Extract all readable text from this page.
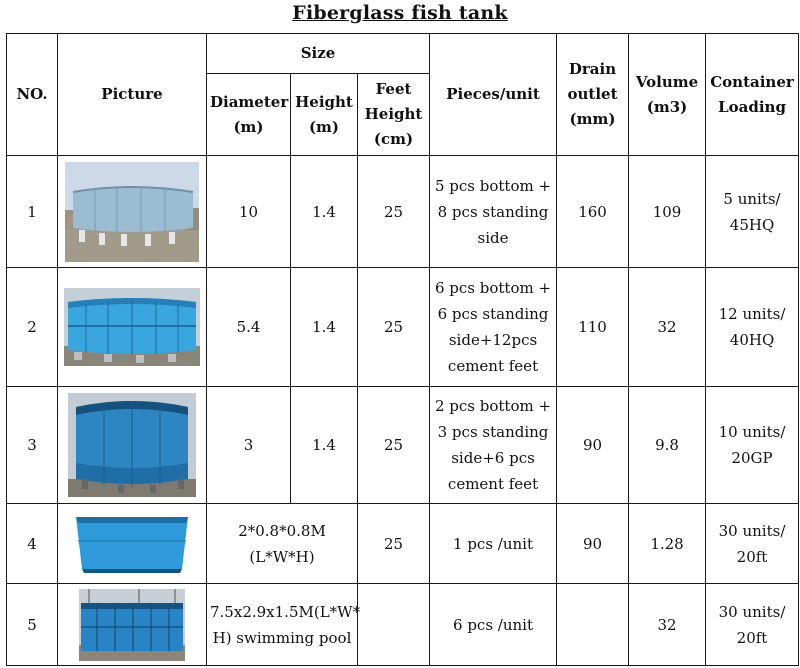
Fiberglass fish tank
NO.	Picture	Size			Pieces/unit	Drain
outlet
(mm)	Volume
(m3)	Container
Loading
		Diameter
(m)	Height
(m)	Feet
Height
(cm)				
1		10	1.4	25	5 pcs bottom +
8 pcs standing
side	160	109	5 units/
45HQ
2		5.4	1.4	25	6 pcs bottom +
6 pcs standing
side+12pcs
cement feet	110	32	12 units/
40HQ
3		3	1.4	25	2 pcs bottom +
3 pcs standing
side+6 pcs
cement feet	90	9.8	10 units/
20GP
4		2*0.8*0.8M
(L*W*H)		25	1 pcs /unit	90	1.28	30 units/
20ft
5		7.5x2.9x1.5M(L*W*
H) swimming pool			6 pcs /unit		32	30 units/
20ft
